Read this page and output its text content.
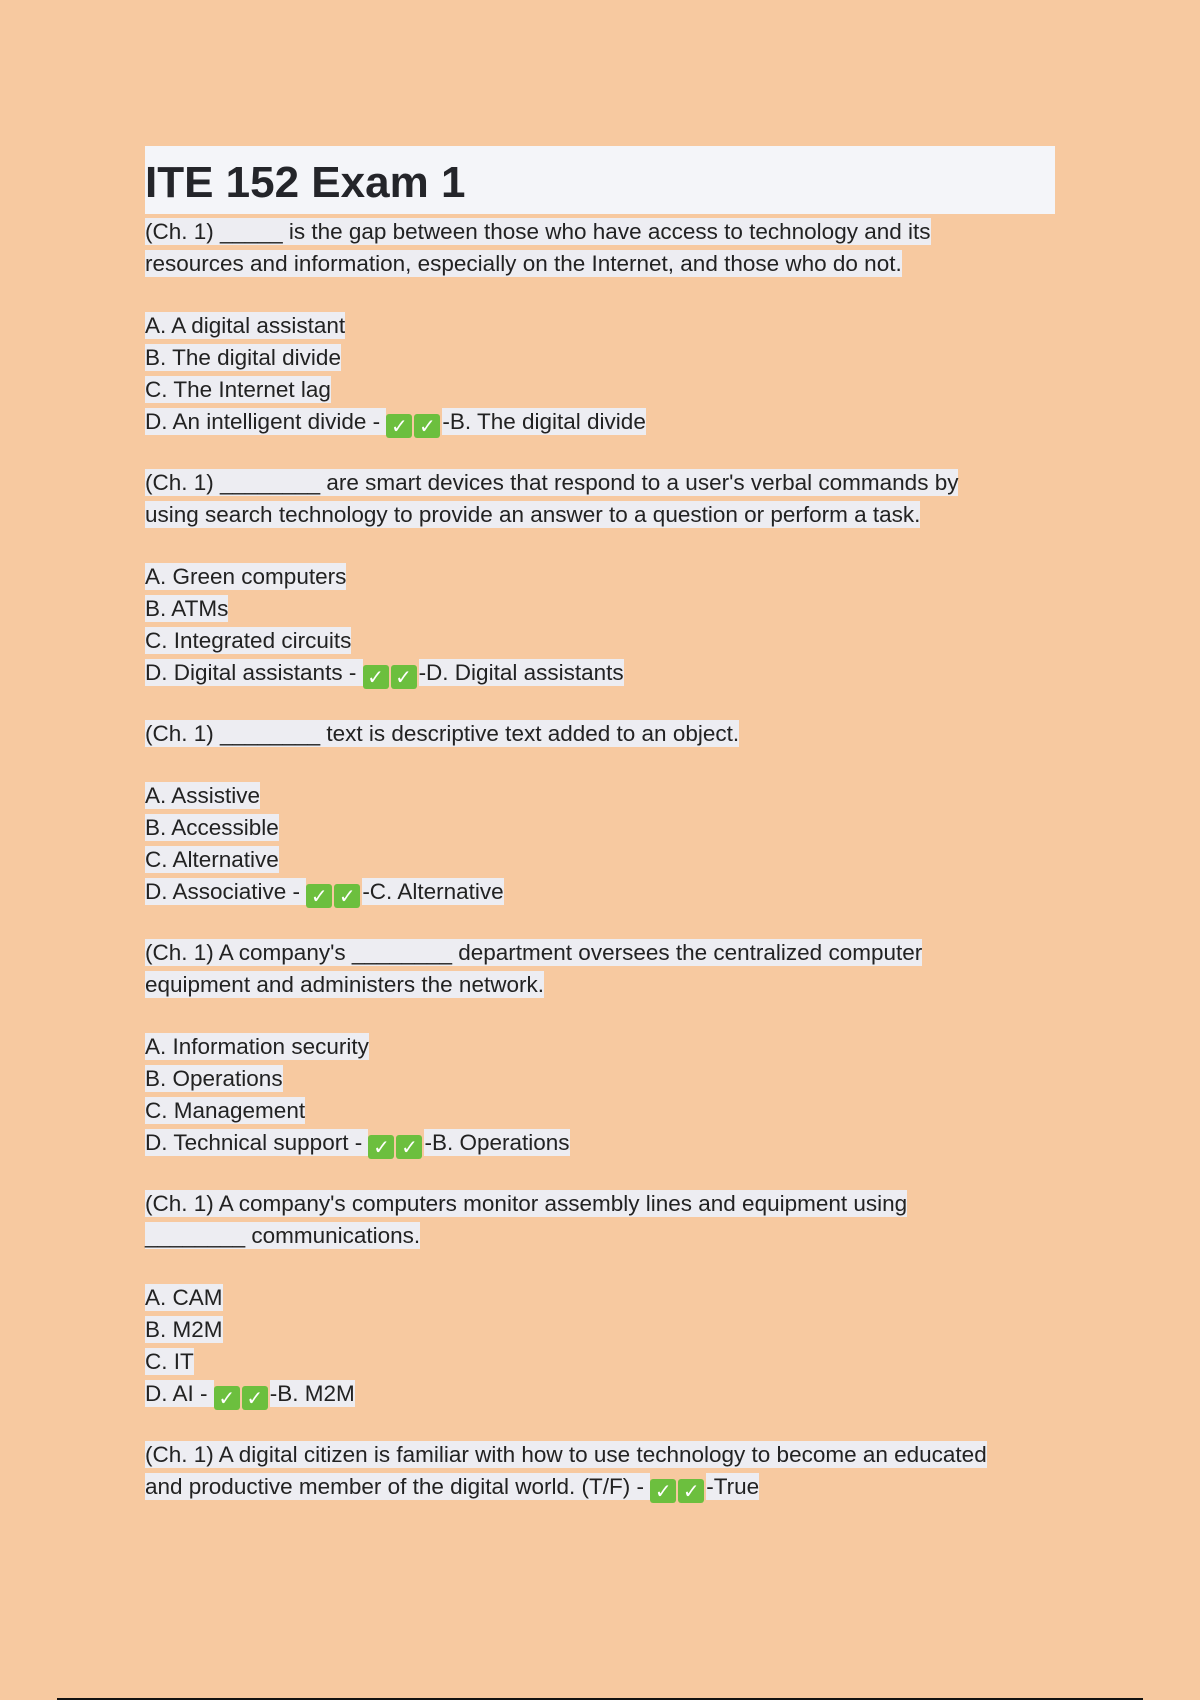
ITE 152 Exam 1
(Ch. 1) _____ is the gap between those who have access to technology and its
resources and information, especially on the Internet, and those who do not.
A. A digital assistant
B. The digital divide
C. The Internet lag
D. An intelligent divide - ✓ ✓ -B. The digital divide
(Ch. 1) ________ are smart devices that respond to a user's verbal commands by
using search technology to provide an answer to a question or perform a task.
A. Green computers
B. ATMs
C. Integrated circuits
D. Digital assistants - ✓ ✓ -D. Digital assistants
(Ch. 1) ________ text is descriptive text added to an object.
A. Assistive
B. Accessible
C. Alternative
D. Associative - ✓ ✓ -C. Alternative
(Ch. 1) A company's ________ department oversees the centralized computer
equipment and administers the network.
A. Information security
B. Operations
C. Management
D. Technical support - ✓ ✓ -B. Operations
(Ch. 1) A company's computers monitor assembly lines and equipment using
________ communications.
A. CAM
B. M2M
C. IT
D. AI - ✓ ✓ -B. M2M
(Ch. 1) A digital citizen is familiar with how to use technology to become an educated
and productive member of the digital world. (T/F) - ✓ ✓ -True
